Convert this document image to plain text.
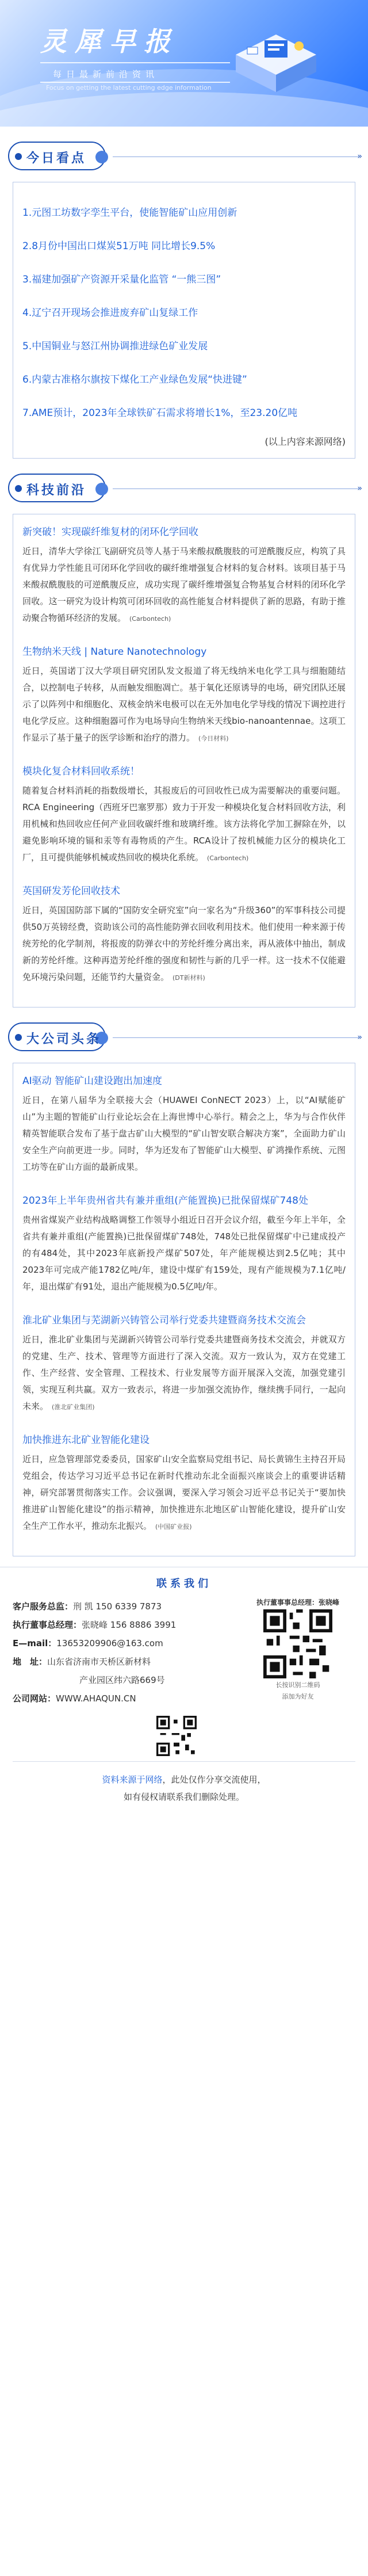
灵犀早报
每日最新前沿资讯
Focus on getting the latest cutting edge information
»
今日看点
1.元图工坊数字孪生平台，使能智能矿山应用创新
2.8月份中国出口煤炭51万吨 同比增长9.5%
3.福建加强矿产资源开采量化监管 “一熊三图”
4.辽宁召开现场会推进废弃矿山复绿工作
5.中国铜业与怒江州协调推进绿色矿业发展
6.内蒙古准格尔旗按下煤化工产业绿色发展“快进键”
7.AME预计，2023年全球铁矿石需求将增长1%，至23.20亿吨
(以上内容来源网络)
»
科技前沿
新突破！实现碳纤维复材的闭环化学回收
近日，清华大学徐江飞副研究员等人基于马来酸叔酰腹肢的可逆酰腹反应，构筑了具有优异力学性能且可闭环化学回收的碳纤维增强复合材料的复合材料。该项目基于马来酸叔酰腹肢的可逆酰腹反应，成功实现了碳纤维增强复合物基复合材料的闭环化学回收。这一研究为设计构筑可闭环回收的高性能复合材料提供了新的思路，有助于推动聚合物循环经济的发展。 (Carbontech)
生物纳米天线 | Nature Nanotechnology
近日，英国诺丁汉大学项目研究团队发文报道了将无线纳米电化学工具与细胞随结合，以控制电子转移，从而触发细胞凋亡。基于氧化还原诱导的电场，研究团队还展示了以阵列中和细胞化、双核金纳米电极可以在无外加电化学导线的情况下调控进行电化学反应。这种细胞器可作为电场导向生物纳米天线bio-nanoantennae。这项工作显示了基于量子的医学诊断和治疗的潜力。 (今日材料)
模块化复合材料回收系统！
随着复合材料消耗的指数级增长，其报废后的可回收性已成为需要解决的重要问题。RCA Engineering（西班牙巴塞罗那）致力于开发一种模块化复合材料回收方法，利用机械和热回收应任何产业回收碳纤维和玻璃纤维。该方法将化学加工摒除在外，以避免影响环境的镉和汞等有毒物质的产生。RCA设计了按机械能力区分的模块化工厂，且可提供能够机械或热回收的模块化系统。 (Carbontech)
英国研发芳伦回收技术
近日，英国国防部下属的“国防安全研究室”向一家名为“升级360”的军事科技公司提供50万英镑经费，资助该公司的高性能防弹衣回收利用技术。他们使用一种来源于传统芳纶的化学制剂，将报废的防弹衣中的芳纶纤维分离出来，再从液体中抽出，制成新的芳纶纤维。这种再造芳纶纤维的强度和韧性与新的几乎一样。这一技术不仅能避免环境污染问题，还能节约大量资金。 (DT新材料)
»
大公司头条
AI驱动 智能矿山建设跑出加速度
近日，在第八届华为全联接大会（HUAWEI ConNECT 2023）上，以“AI赋能矿山”为主题的智能矿山行业论坛会在上海世博中心举行。精会之上，华为与合作伙伴精英智能联合发布了基于盘古矿山大模型的“矿山智安联合解决方案”，全面助力矿山安全生产向前更进一步。同时，华为还发布了智能矿山大模型、矿鸿操作系统、元图工坊等在矿山方面的最新成果。
2023年上半年贵州省共有兼并重组(产能置换)已批保留煤矿748处
贵州省煤炭产业结构战略调整工作领导小组近日召开会议介绍，截至今年上半年，全省共有兼并重组(产能置换)已批保留煤矿748处，748处已批保留煤矿中已建成投产的有484处，其中2023年底新投产煤矿507处，年产能规模达到2.5亿吨；其中2023年可完成产能1782亿吨/年，建设中煤矿有159处，现有产能规模为7.1亿吨/年，退出煤矿有91处，退出产能规模为0.5亿吨/年。
淮北矿业集团与芜湖新兴铸管公司举行党委共建暨商务技术交流会
近日，淮北矿业集团与芜湖新兴铸管公司举行党委共建暨商务技术交流会，并就双方的党建、生产、技术、管理等方面进行了深入交流。双方一致认为，双方在党建工作、生产经营、安全管理、工程技术、行业发展等方面开展深入交流，加强党建引领，实现互利共赢。双方一致表示，将进一步加强交流协作，继续携手同行，一起向未来。 (淮北矿业集团)
加快推进东北矿业智能化建设
近日，应急管理部党委委员，国家矿山安全监察局党组书记、局长黄锦生主持召开局党组会，传达学习习近平总书记在新时代推动东北全面振兴座谈会上的重要讲话精神，研究部署贯彻落实工作。会议强调，要深入学习领会习近平总书记关于“要加快推进矿山智能化建设”的指示精神，加快推进东北地区矿山智能化建设，提升矿山安全生产工作水平，推动东北振兴。 (中国矿业报)
联系我们
客户服务总监：刑 凯 150 6339 7873
执行董事总经理：张晓峰 156 8886 3991
E—mail：13653209906@163.com
地　址：山东省济南市天桥区新材料
产业园区纬六路669号
公司网站：WWW.AHAQUN.CN
执行董事事总经理：张晓峰
长按识别二维码
添加为好友
资料来源于网络，此处仅作分享交流使用，
如有侵权请联系我们删除处理。
